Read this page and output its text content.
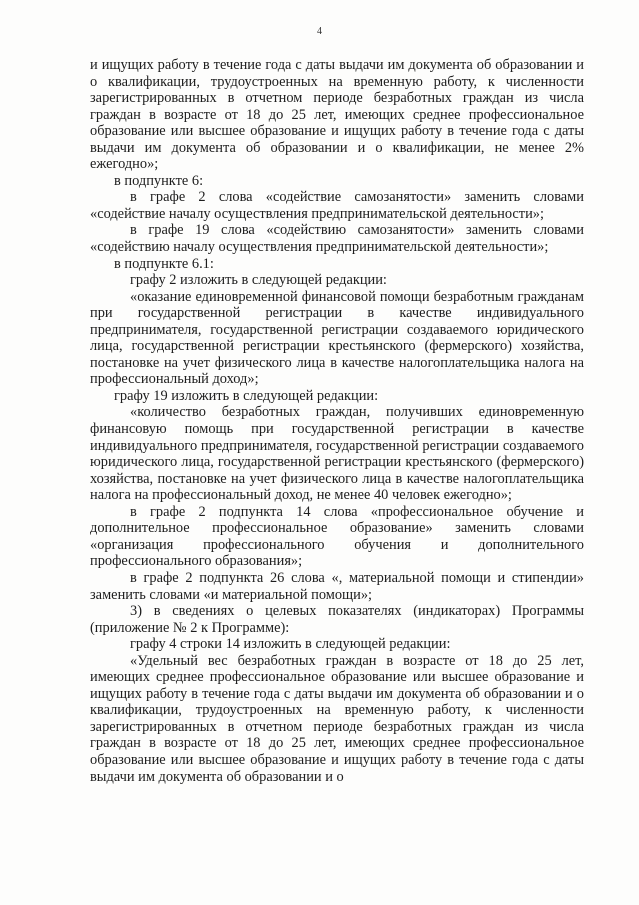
4

и ищущих работу в течение года с даты выдачи им документа об образовании и о квалификации, трудоустроенных на временную работу, к численности зарегистрированных в отчетном периоде безработных граждан из числа граждан в возрасте от 18 до 25 лет, имеющих среднее профессиональное образование или высшее образование и ищущих работу в течение года с даты выдачи им документа об образовании и о квалификации, не менее 2% ежегодно»;

в подпункте 6:

в графе 2 слова «содействие самозанятости» заменить словами «содействие началу осуществления предпринимательской деятельности»;

в графе 19 слова «содействию самозанятости» заменить словами «содействию началу осуществления предпринимательской деятельности»;

в подпункте 6.1:

графу 2 изложить в следующей редакции:

«оказание единовременной финансовой помощи безработным гражданам при государственной регистрации в качестве индивидуального предпринимателя, государственной регистрации создаваемого юридического лица, государственной регистрации крестьянского (фермерского) хозяйства, постановке на учет физического лица в качестве налогоплательщика налога на профессиональный доход»;

графу 19 изложить в следующей редакции:

«количество безработных граждан, получивших единовременную финансовую помощь при государственной регистрации в качестве индивидуального предпринимателя, государственной регистрации создаваемого юридического лица, государственной регистрации крестьянского (фермерского) хозяйства, постановке на учет физического лица в качестве налогоплательщика налога на профессиональный доход, не менее 40 человек ежегодно»;

в графе 2 подпункта 14 слова «профессиональное обучение и дополнительное профессиональное образование» заменить словами «организация профессионального обучения и дополнительного профессионального образования»;

в графе 2 подпункта 26 слова «, материальной помощи и стипендии» заменить словами «и материальной помощи»;

3) в сведениях о целевых показателях (индикаторах) Программы (приложение № 2 к Программе):

графу 4 строки 14 изложить в следующей редакции:

«Удельный вес безработных граждан в возрасте от 18 до 25 лет, имеющих среднее профессиональное образование или высшее образование и ищущих работу в течение года с даты выдачи им документа об образовании и о квалификации, трудоустроенных на временную работу, к численности зарегистрированных в отчетном периоде безработных граждан из числа граждан в возрасте от 18 до 25 лет, имеющих среднее профессиональное образование или высшее образование и ищущих работу в течение года с даты выдачи им документа об образовании и о
